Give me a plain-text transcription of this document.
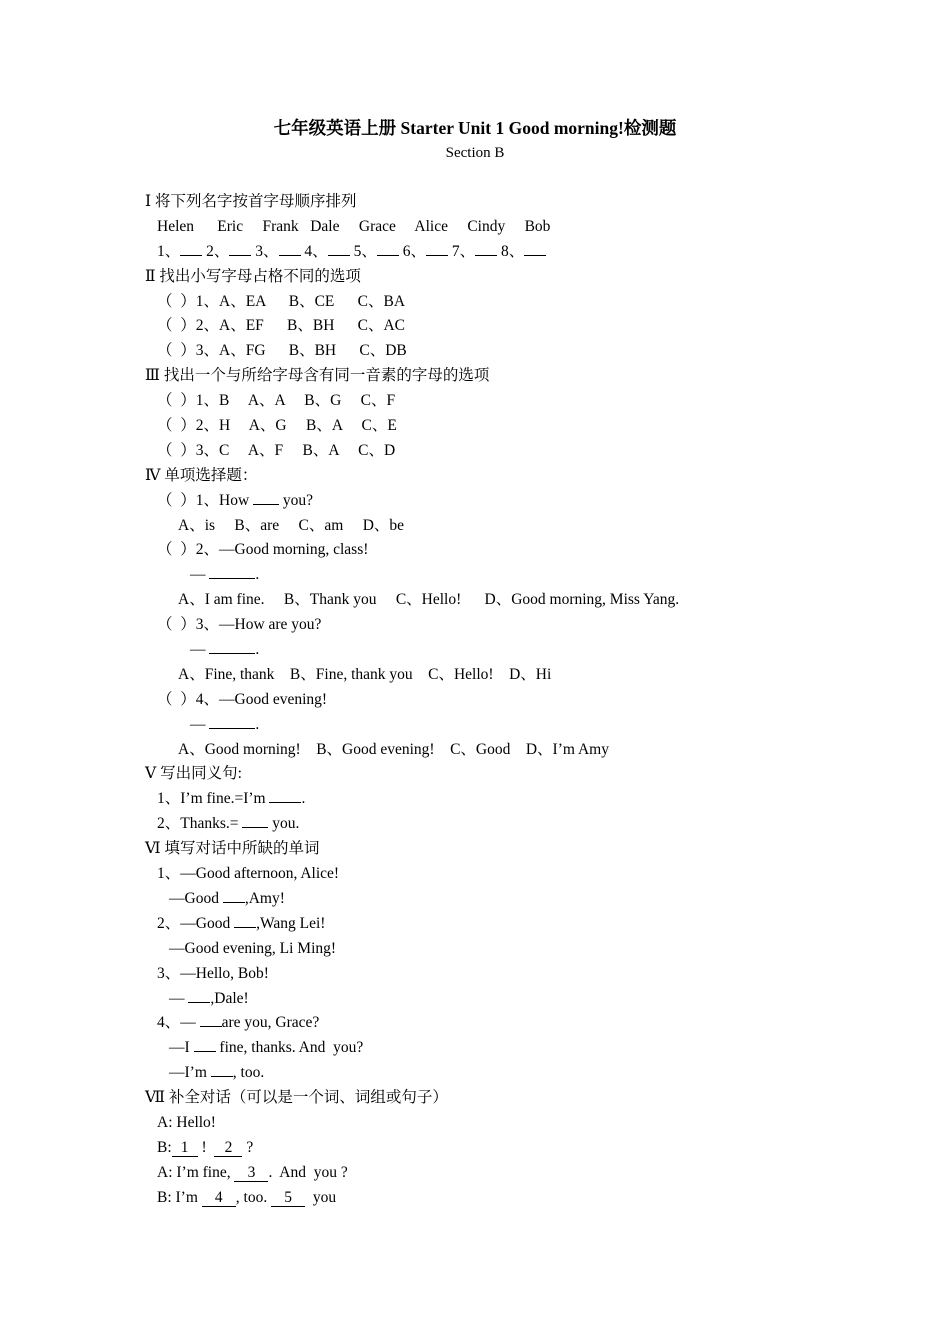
七年级英语上册 Starter Unit 1 Good morning!检测题
Section B
Ⅰ 将下列名字按首字母顺序排列
Helen      Eric     Frank   Dale     Grace     Alice     Cindy     Bob
1、 2、 3、 4、 5、 6、 7、 8、
Ⅱ 找出小写字母占格不同的选项
（  ）1、A、EA      B、CE      C、BA
（  ）2、A、EF      B、BH      C、AC
（  ）3、A、FG      B、BH      C、DB
Ⅲ 找出一个与所给字母含有同一音素的字母的选项
（  ）1、B     A、A     B、G     C、F
（  ）2、H     A、G     B、A     C、E
（  ）3、C     A、F     B、A     C、D
Ⅳ 单项选择题：
（  ）1、How  you?
A、is     B、are     C、am     D、be
（  ）2、—Good morning, class!
—	.
A、I am fine.     B、Thank you     C、Hello!      D、Good morning, Miss Yang.
（  ）3、—How are you?
—	.
A、Fine, thank    B、Fine, thank you    C、Hello!    D、Hi
（  ）4、—Good evening!
—	.
A、Good morning!    B、Good evening!    C、Good    D、I’m Amy
Ⅴ 写出同义句:
1、I’m fine.=I’m .
2、Thanks.=  you.
Ⅵ 填写对话中所缺的单词
1、—Good afternoon, Alice!
—Good ,Amy!
2、—Good ,Wang Lei!
—Good evening, Li Ming!
3、—Hello, Bob!
— ,Dale!
4、— are you, Grace?
—I  fine, thanks. And  you?
—I’m , too.
Ⅶ 补全对话（可以是一个词、词组或句子）
A: Hello!
B: 1 !  2 ?
A: I’m fine, 3 .  And  you ?
B: I’m 4 , too. 5  you
